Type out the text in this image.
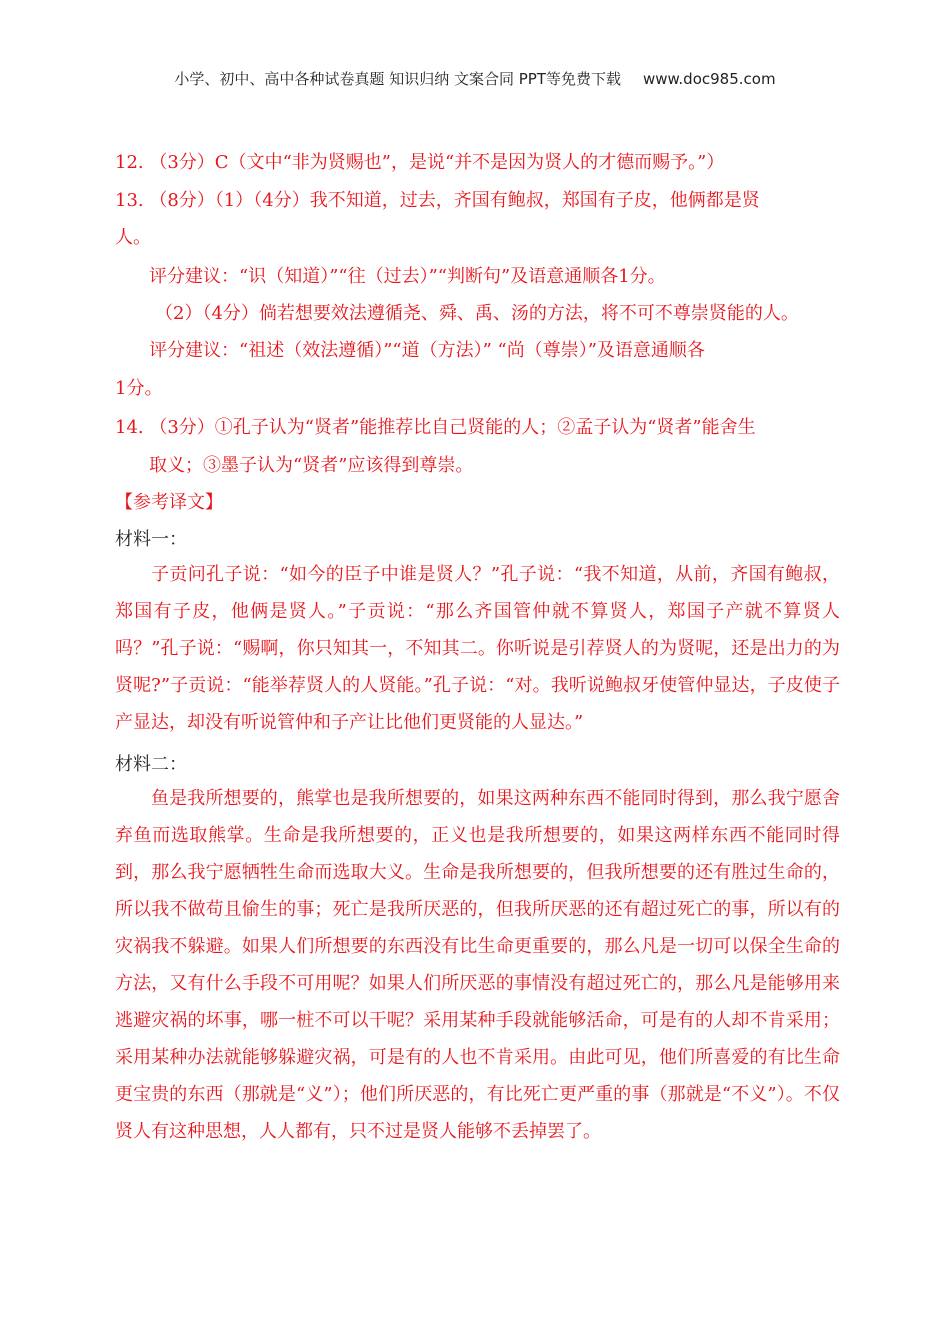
小学、初中、高中各种试卷真题 知识归纳 文案合同 PPT等免费下载 www.doc985.com
12. （3分）C（文中“非为贤赐也”，是说“并不是因为贤人的才德而赐予。”）
13. （8分）（1）（4分）我不知道，过去，齐国有鲍叔，郑国有子皮，他俩都是贤
人。
评分建议：“识（知道）”“往（过去）”“判断句”及语意通顺各1分。
（2）（4分）倘若想要效法遵循尧、舜、禹、汤的方法，将不可不尊崇贤能的人。
评分建议：“祖述（效法遵循）”“道（方法）” “尚（尊崇）”及语意通顺各
1分。
14. （3分）①孔子认为“贤者”能推荐比自己贤能的人；②孟子认为“贤者”能舍生
取义；③墨子认为“贤者”应该得到尊崇。
【参考译文】
材料一：
子贡问孔子说：“如今的臣子中谁是贤人？”孔子说：“我不知道，从前，齐国有鲍叔，郑国有子皮，他俩是贤人。”子贡说：“那么齐国管仲就不算贤人，郑国子产就不算贤人吗？”孔子说：“赐啊，你只知其一，不知其二。你听说是引荐贤人的为贤呢，还是出力的为贤呢?”子贡说：“能举荐贤人的人贤能。”孔子说：“对。我听说鲍叔牙使管仲显达，子皮使子产显达，却没有听说管仲和子产让比他们更贤能的人显达。”
材料二：
鱼是我所想要的，熊掌也是我所想要的，如果这两种东西不能同时得到，那么我宁愿舍弃鱼而选取熊掌。生命是我所想要的，正义也是我所想要的，如果这两样东西不能同时得到，那么我宁愿牺牲生命而选取大义。生命是我所想要的，但我所想要的还有胜过生命的，所以我不做苟且偷生的事；死亡是我所厌恶的，但我所厌恶的还有超过死亡的事，所以有的灾祸我不躲避。如果人们所想要的东西没有比生命更重要的，那么凡是一切可以保全生命的方法，又有什么手段不可用呢？如果人们所厌恶的事情没有超过死亡的，那么凡是能够用来逃避灾祸的坏事，哪一桩不可以干呢？采用某种手段就能够活命，可是有的人却不肯采用；采用某种办法就能够躲避灾祸，可是有的人也不肯采用。由此可见，他们所喜爱的有比生命更宝贵的东西（那就是“义”）；他们所厌恶的，有比死亡更严重的事（那就是“不义”）。不仅贤人有这种思想，人人都有，只不过是贤人能够不丢掉罢了。
